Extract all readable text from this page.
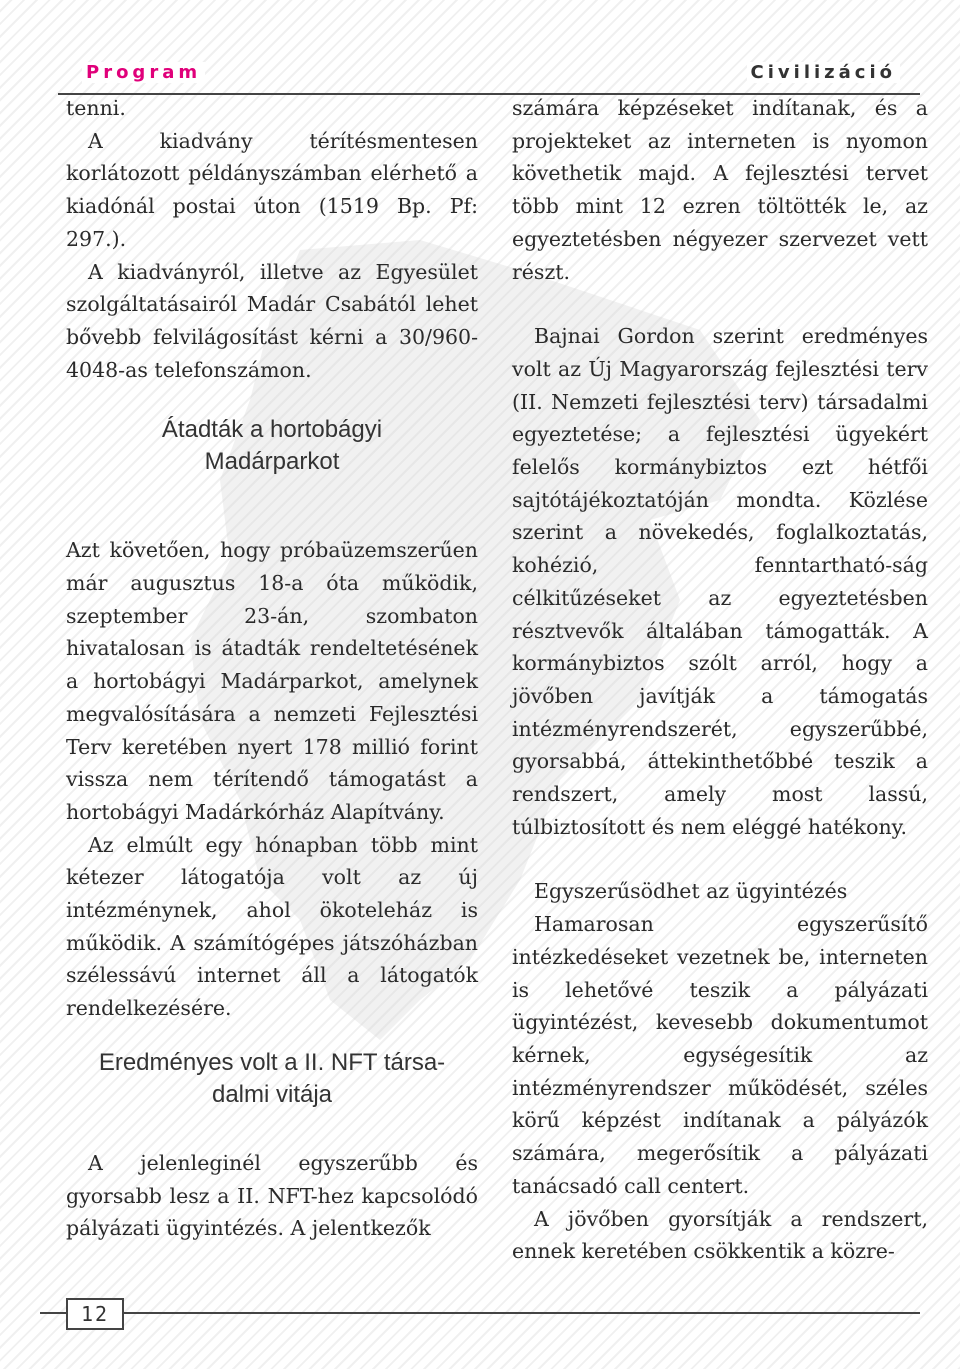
Program	Civilizáció

tenni.

A kiadvány térítésmentesen korlátozott példányszámban elérhető a kiadónál postai úton (1519 Bp. Pf: 297.).

A kiadványról, illetve az Egyesület szolgáltatásairól Madár Csabától lehet bővebb felvilágosítást kérni a 30/960-4048-as telefonszámon.

Átadták a hortobágyi
Madárparkot

Azt követően, hogy próbaüzemszerűen már augusztus 18-a óta működik, szeptember 23-án, szombaton hivatalosan is átadták rendeltetésének a hortobágyi Madárparkot, amelynek megvalósítására a nemzeti Fejlesztési Terv keretében nyert 178 millió forint vissza nem térítendő támogatást a hortobágyi Madárkórház Alapítvány.

Az elmúlt egy hónapban több mint kétezer látogatója volt az új intézménynek, ahol ökoteleház is működik. A számítógépes játszóházban szélessávú internet áll a látogatók rendelkezésére.

Eredményes volt a II. NFT társa-
dalmi vitája

A jelenleginél egyszerűbb és gyorsabb lesz a II. NFT-hez kapcsolódó pályázati ügyintézés. A jelentkezők

számára képzéseket indítanak, és a projekteket az interneten is nyomon követhetik majd. A fejlesztési tervet több mint 12 ezren töltötték le, az egyeztetésben négyezer szervezet vett részt.

Bajnai Gordon szerint eredményes volt az Új Magyarország fejlesztési terv (II. Nemzeti fejlesztési terv) társadalmi egyeztetése; a fejlesztési ügyekért felelős kormánybiztos ezt hétfői sajtótájékoztatóján mondta. Közlése szerint a növekedés, foglalkoztatás, kohézió, fenntartható-ság célkitűzéseket az egyeztetésben résztvevők általában támogatták. A kormánybiztos szólt arról, hogy a jövőben javítják a támogatás intézményrendszerét, egyszerűbbé, gyorsabbá, áttekinthetőbbé teszik a rendszert, amely most lassú, túlbiztosított és nem eléggé hatékony.

Egyszerűsödhet az ügyintézés

Hamarosan egyszerűsítő intézkedéseket vezetnek be, interneten is lehetővé teszik a pályázati ügyintézést, kevesebb dokumentumot kérnek, egységesítik az intézményrendszer működését, széles körű képzést indítanak a pályázók számára, megerősítik a pályázati tanácsadó call centert.

A jövőben gyorsítják a rendszert, ennek keretében csökkentik a közre-

12
